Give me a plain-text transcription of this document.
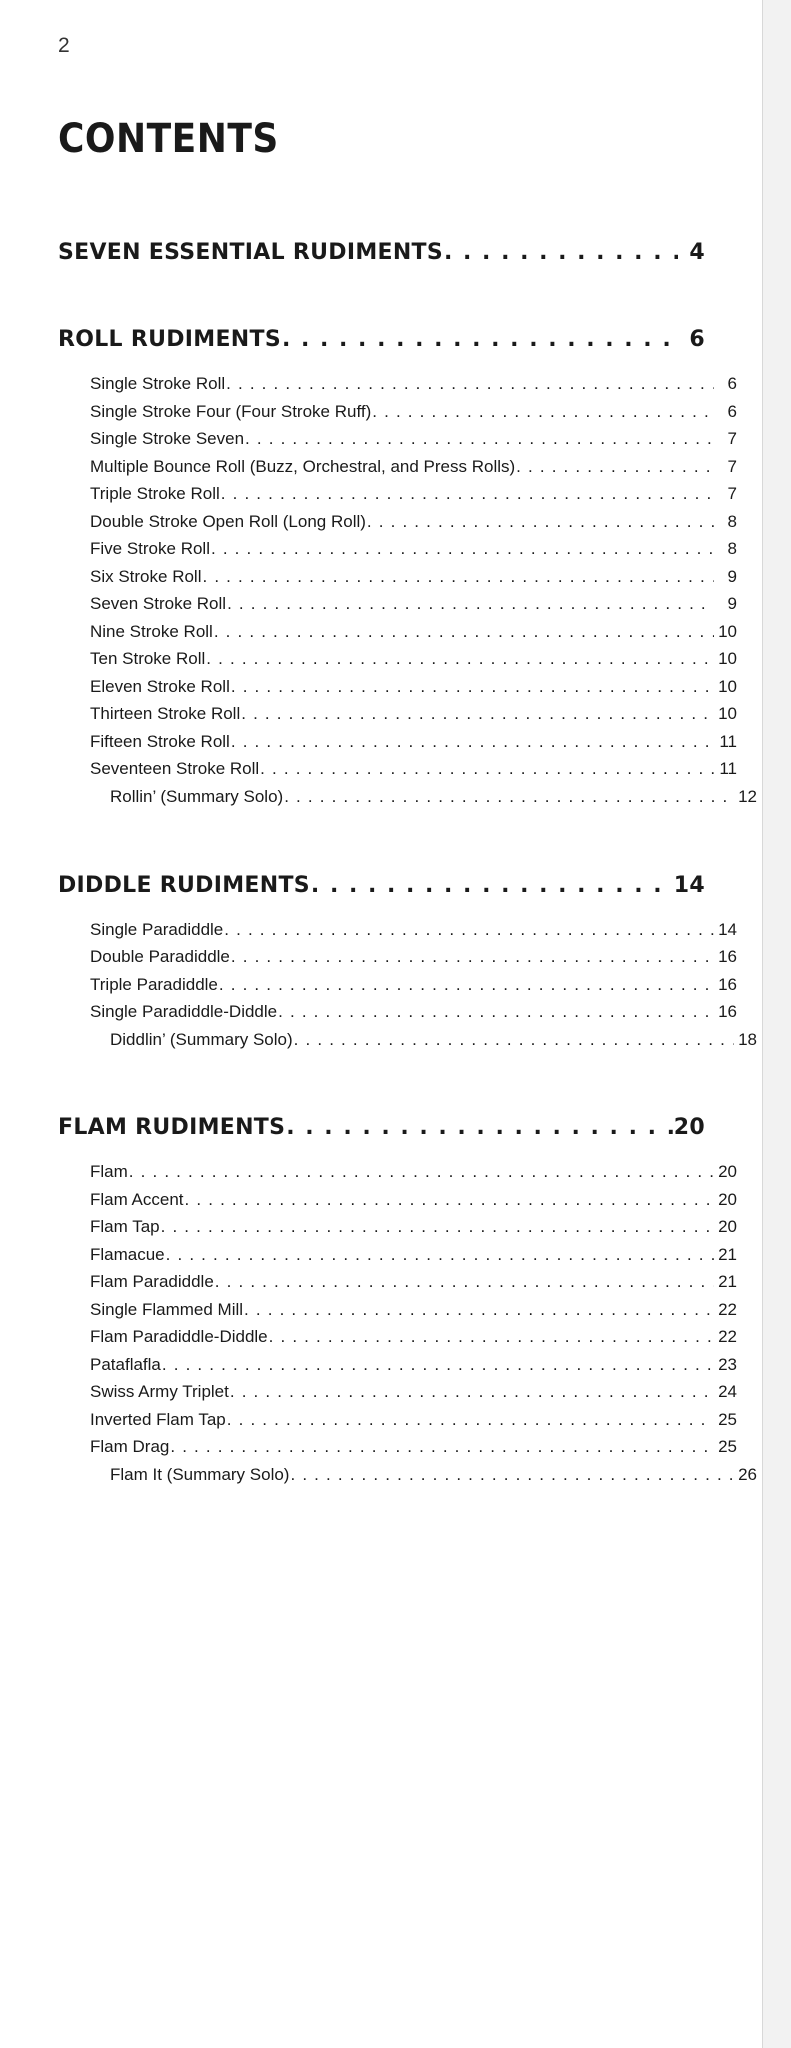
2
CONTENTS
SEVEN ESSENTIAL RUDIMENTS . . .	4
ROLL RUDIMENTS . . .	6
Single Stroke Roll . . .	6
Single Stroke Four (Four Stroke Ruff) . . .	6
Single Stroke Seven . . .	7
Multiple Bounce Roll (Buzz, Orchestral, and Press Rolls) . . .	7
Triple Stroke Roll . . .	7
Double Stroke Open Roll (Long Roll) . . .	8
Five Stroke Roll . . .	8
Six Stroke Roll . . .	9
Seven Stroke Roll . . .	9
Nine Stroke Roll . . .	10
Ten Stroke Roll . . .	10
Eleven Stroke Roll . . .	10
Thirteen Stroke Roll . . .	10
Fifteen Stroke Roll . . .	11
Seventeen Stroke Roll . . .	11
Rollin’ (Summary Solo) . . .	12
DIDDLE RUDIMENTS . . .	14
Single Paradiddle . . .	14
Double Paradiddle . . .	16
Triple Paradiddle . . .	16
Single Paradiddle-Diddle . . .	16
Diddlin’ (Summary Solo) . . .	18
FLAM RUDIMENTS . . .	20
Flam . . .	20
Flam Accent . . .	20
Flam Tap . . .	20
Flamacue . . .	21
Flam Paradiddle . . .	21
Single Flammed Mill . . .	22
Flam Paradiddle-Diddle . . .	22
Pataflafla . . .	23
Swiss Army Triplet . . .	24
Inverted Flam Tap . . .	25
Flam Drag . . .	25
Flam It (Summary Solo) . . .	26
